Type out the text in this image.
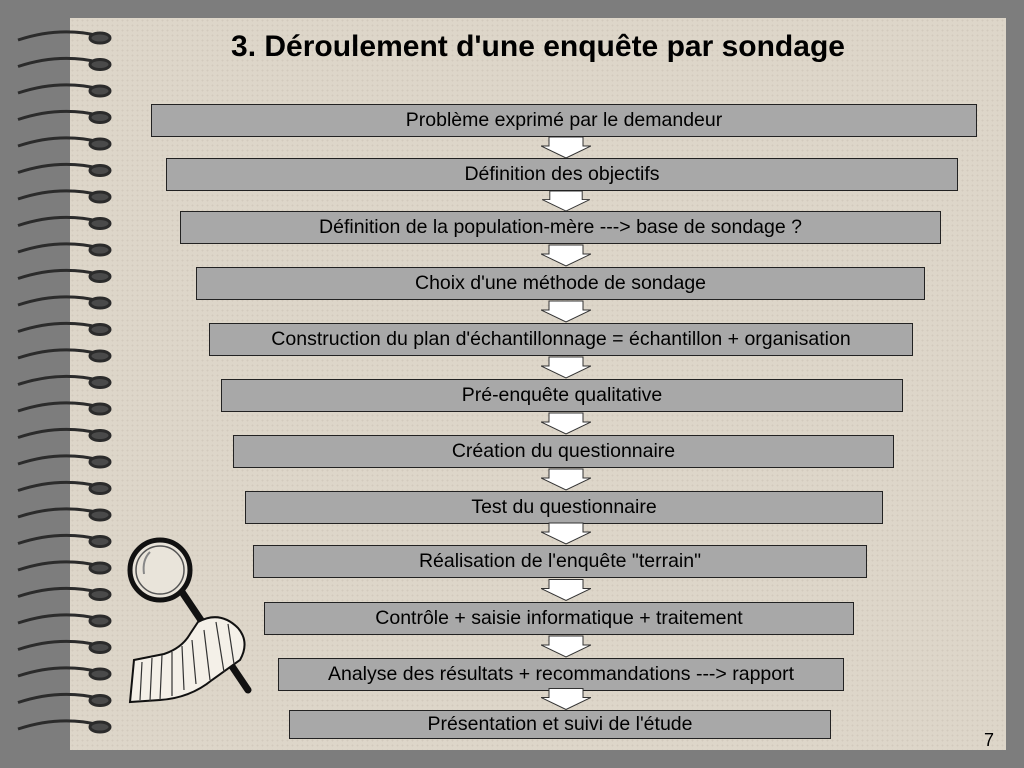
3. Déroulement d'une enquête par sondage
Problème exprimé par le demandeur
Définition des objectifs
Définition de la population-mère ---> base de sondage ?
Choix d'une méthode de sondage
Construction du plan d'échantillonnage = échantillon + organisation
Pré-enquête qualitative
Création du questionnaire
Test du questionnaire
Réalisation de l'enquête "terrain"
Contrôle + saisie informatique + traitement
Analyse des résultats + recommandations ---> rapport
Présentation et suivi de l'étude
7
